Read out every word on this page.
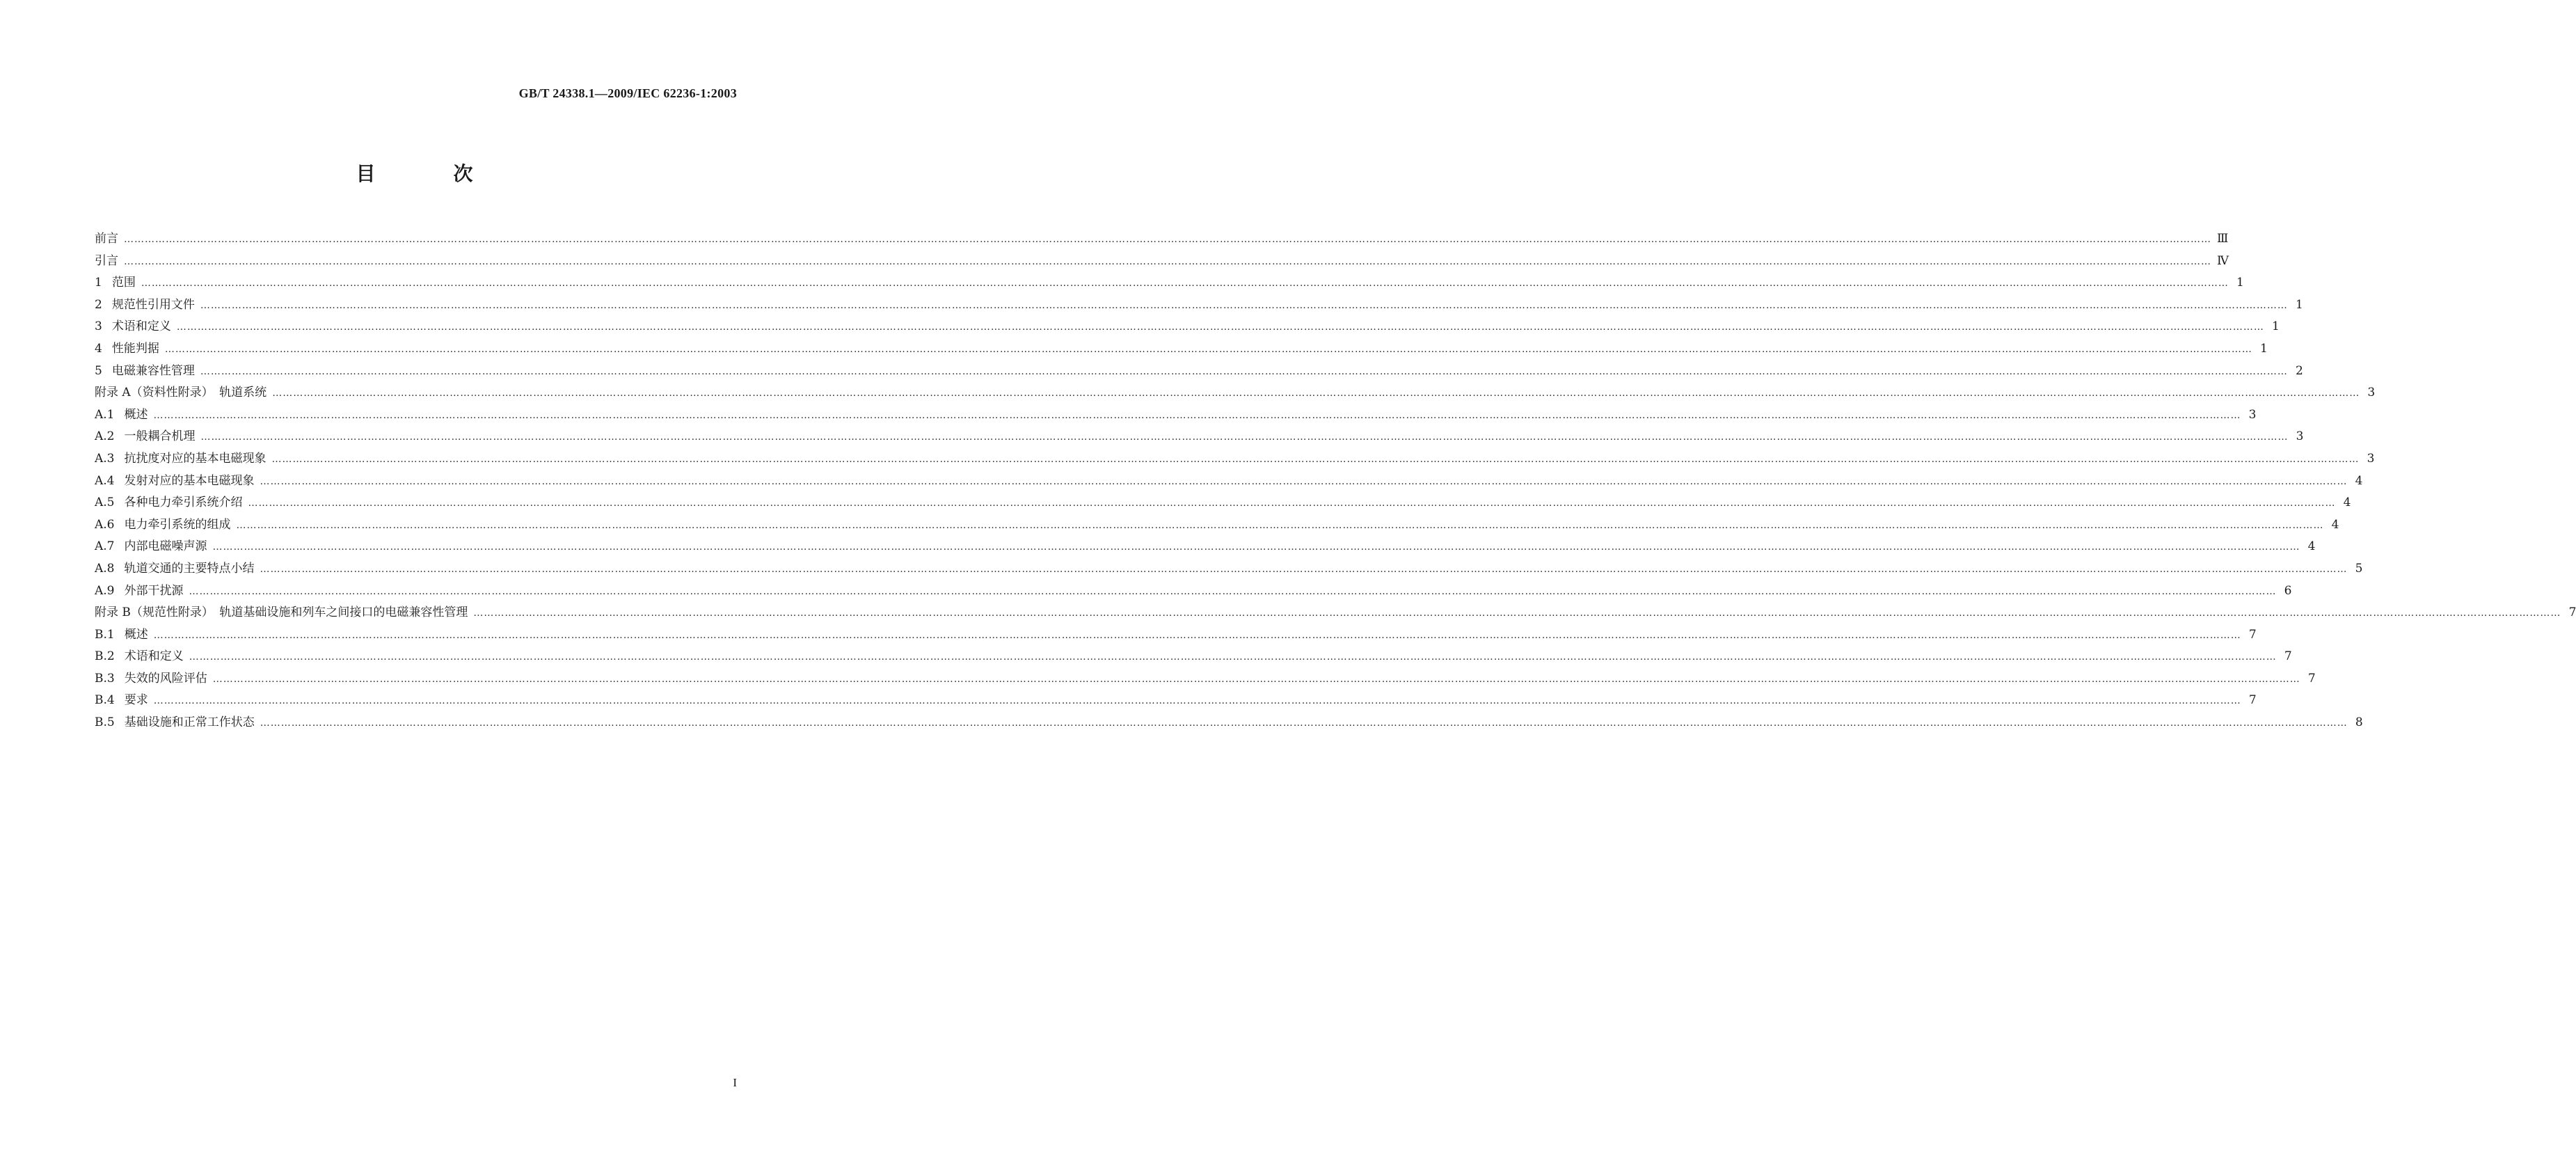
GB/T 24338.1—2009/IEC 62236-1:2003
目　次
前言 …………………………………………………………………………………………………………………………………………………………………………………………………………………………………………………………………………………………………………………………………………………………………………………………………………………………………………………………………………………………………………………………………………………… Ⅲ
引言 …………………………………………………………………………………………………………………………………………………………………………………………………………………………………………………………………………………………………………………………………………………………………………………………………………………………………………………………………………………………………………………………………………………… Ⅳ
1 范围 …………………………………………………………………………………………………………………………………………………………………………………………………………………………………………………………………………………………………………………………………………………………………………………………………………………………………………………………………………………………………………………………………………………… 1
2 规范性引用文件 …………………………………………………………………………………………………………………………………………………………………………………………………………………………………………………………………………………………………………………………………………………………………………………………………………………………………………………………………………………………………………………………………………………… 1
3 术语和定义 …………………………………………………………………………………………………………………………………………………………………………………………………………………………………………………………………………………………………………………………………………………………………………………………………………………………………………………………………………………………………………………………………………………… 1
4 性能判据 …………………………………………………………………………………………………………………………………………………………………………………………………………………………………………………………………………………………………………………………………………………………………………………………………………………………………………………………………………………………………………………………………………………… 1
5 电磁兼容性管理 …………………………………………………………………………………………………………………………………………………………………………………………………………………………………………………………………………………………………………………………………………………………………………………………………………………………………………………………………………………………………………………………………………………… 2
附录 A（资料性附录）　轨道系统 …………………………………………………………………………………………………………………………………………………………………………………………………………………………………………………………………………………………………………………………………………………………………………………………………………………………………………………………………………………………………………………………………………………… 3
A.1 概述 …………………………………………………………………………………………………………………………………………………………………………………………………………………………………………………………………………………………………………………………………………………………………………………………………………………………………………………………………………………………………………………………………………………… 3
A.2 一般耦合机理 …………………………………………………………………………………………………………………………………………………………………………………………………………………………………………………………………………………………………………………………………………………………………………………………………………………………………………………………………………………………………………………………………………………… 3
A.3 抗扰度对应的基本电磁现象 …………………………………………………………………………………………………………………………………………………………………………………………………………………………………………………………………………………………………………………………………………………………………………………………………………………………………………………………………………………………………………………………………………………… 3
A.4 发射对应的基本电磁现象 …………………………………………………………………………………………………………………………………………………………………………………………………………………………………………………………………………………………………………………………………………………………………………………………………………………………………………………………………………………………………………………………………………………… 4
A.5 各种电力牵引系统介绍 …………………………………………………………………………………………………………………………………………………………………………………………………………………………………………………………………………………………………………………………………………………………………………………………………………………………………………………………………………………………………………………………………………………… 4
A.6 电力牵引系统的组成 …………………………………………………………………………………………………………………………………………………………………………………………………………………………………………………………………………………………………………………………………………………………………………………………………………………………………………………………………………………………………………………………………………………… 4
A.7 内部电磁噪声源 …………………………………………………………………………………………………………………………………………………………………………………………………………………………………………………………………………………………………………………………………………………………………………………………………………………………………………………………………………………………………………………………………………………… 4
A.8 轨道交通的主要特点小结 …………………………………………………………………………………………………………………………………………………………………………………………………………………………………………………………………………………………………………………………………………………………………………………………………………………………………………………………………………………………………………………………………………………… 5
A.9 外部干扰源 …………………………………………………………………………………………………………………………………………………………………………………………………………………………………………………………………………………………………………………………………………………………………………………………………………………………………………………………………………………………………………………………………………………… 6
附录 B（规范性附录）　轨道基础设施和列车之间接口的电磁兼容性管理 …………………………………………………………………………………………………………………………………………………………………………………………………………………………………………………………………………………………………………………………………………………………………………………………………………………………………………………………………………………………………………………………………………………… 7
B.1 概述 …………………………………………………………………………………………………………………………………………………………………………………………………………………………………………………………………………………………………………………………………………………………………………………………………………………………………………………………………………………………………………………………………………………… 7
B.2 术语和定义 …………………………………………………………………………………………………………………………………………………………………………………………………………………………………………………………………………………………………………………………………………………………………………………………………………………………………………………………………………………………………………………………………………………… 7
B.3 失效的风险评估 …………………………………………………………………………………………………………………………………………………………………………………………………………………………………………………………………………………………………………………………………………………………………………………………………………………………………………………………………………………………………………………………………………………… 7
B.4 要求 …………………………………………………………………………………………………………………………………………………………………………………………………………………………………………………………………………………………………………………………………………………………………………………………………………………………………………………………………………………………………………………………………………………… 7
B.5 基础设施和正常工作状态 …………………………………………………………………………………………………………………………………………………………………………………………………………………………………………………………………………………………………………………………………………………………………………………………………………………………………………………………………………………………………………………………………………………… 8
I
